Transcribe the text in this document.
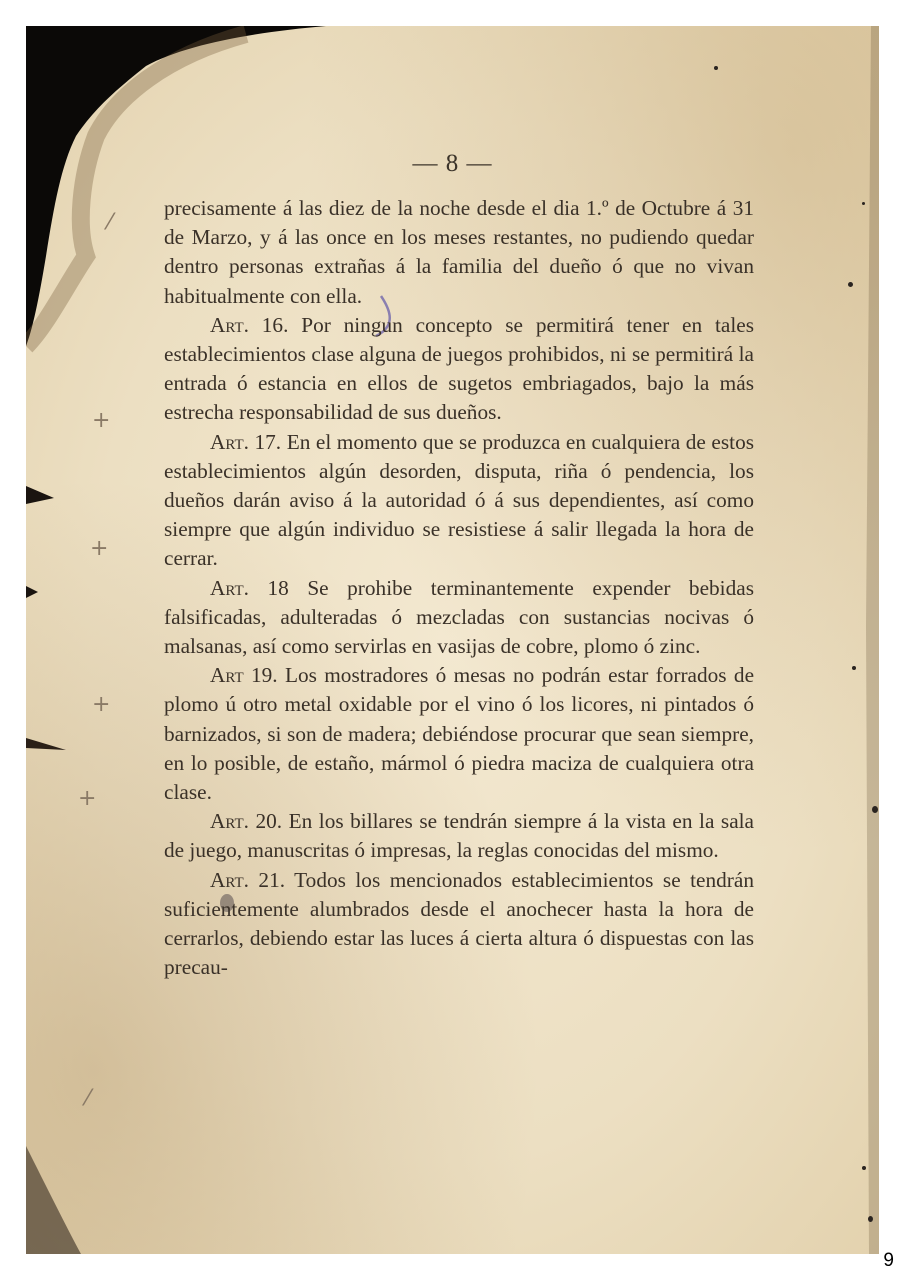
⁄
+
+
+
+
⁄
— 8 —

precisamente á las diez de la noche desde el dia 1.º de Octubre á 31 de Marzo, y á las once en los meses restantes, no pudiendo quedar dentro personas extrañas á la familia del dueño ó que no vivan habitualmente con ella.

Art. 16. Por ningun concepto se permitirá tener en tales establecimientos clase alguna de juegos prohibidos, ni se permitirá la entrada ó estancia en ellos de sugetos embriagados, bajo la más estrecha responsabilidad de sus dueños.

Art. 17. En el momento que se produzca en cualquiera de estos establecimientos algún desorden, disputa, riña ó pendencia, los dueños darán aviso á la autoridad ó á sus dependientes, así como siempre que algún individuo se resistiese á salir llegada la hora de cerrar.

Art. 18 Se prohibe terminantemente expender bebidas falsificadas, adulteradas ó mezcladas con sustancias nocivas ó malsanas, así como servirlas en vasijas de cobre, plomo ó zinc.

Art 19. Los mostradores ó mesas no podrán estar forrados de plomo ú otro metal oxidable por el vino ó los licores, ni pintados ó barnizados, si son de madera; debiéndose procurar que sean siempre, en lo posible, de estaño, mármol ó piedra maciza de cualquiera otra clase.

Art. 20. En los billares se tendrán siempre á la vista en la sala de juego, manuscritas ó impresas, la reglas conocidas del mismo.

Art. 21. Todos los mencionados establecimientos se tendrán suficientemente alumbrados desde el anochecer hasta la hora de cerrarlos, debiendo estar las luces á cierta altura ó dispuestas con las precau-

9
